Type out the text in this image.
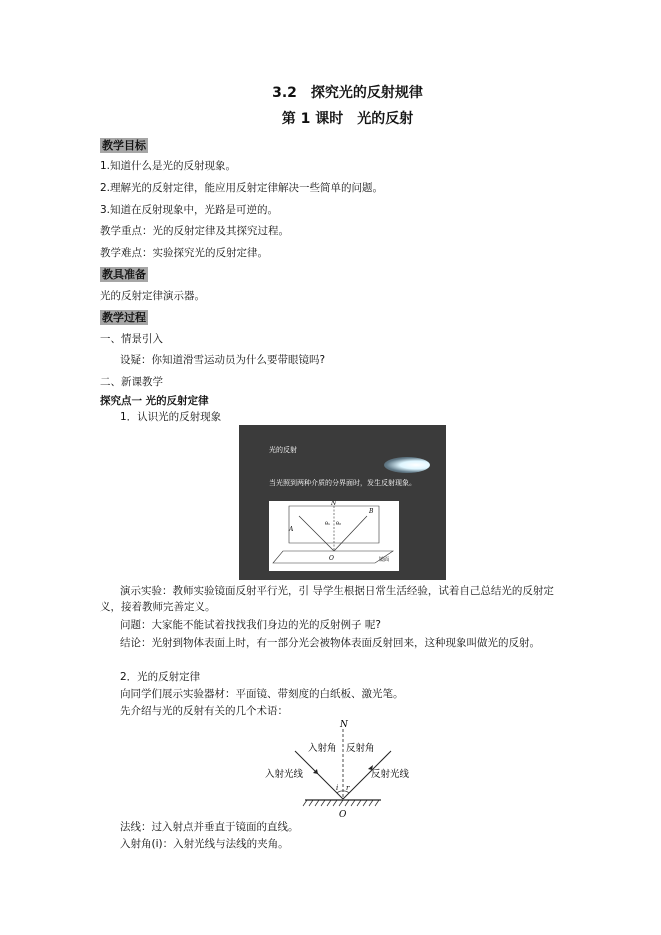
3.2　探究光的反射规律
第 1 课时　光的反射
教学目标
1.知道什么是光的反射现象。
2.理解光的反射定律，能应用反射定律解决一些简单的问题。
3.知道在反射现象中，光路是可逆的。
教学重点：光的反射定律及其探究过程。
教学难点：实验探究光的反射定律。
教具准备
光的反射定律演示器。
教学过程
一、情景引入
设疑：你知道滑雪运动员为什么要带眼镜吗?
二、新课教学
探究点一 光的反射定律
1．认识光的反射现象
光的反射
当光照到两种介质的分界面时，发生反射现象。
N
A
B
θ₁ θ₂
O	镜面
演示实验：教师实验镜面反射平行光，引 导学生根据日常生活经验，试着自己总结光的反射定义，接着教师完善定义。
问题：大家能不能试着找找我们身边的光的反射例子 呢?
结论：光射到物体表面上时，有一部分光会被物体表面反射回来，这种现象叫做光的反射。
2．光的反射定律
向同学们展示实验器材：平面镜、带刻度的白纸板、激光笔。
先介绍与光的反射有关的几个术语：
N
i r
入射角 反射角
入射光线	反射光线
O
法线：过入射点并垂直于镜面的直线。
入射角(i)：入射光线与法线的夹角。
